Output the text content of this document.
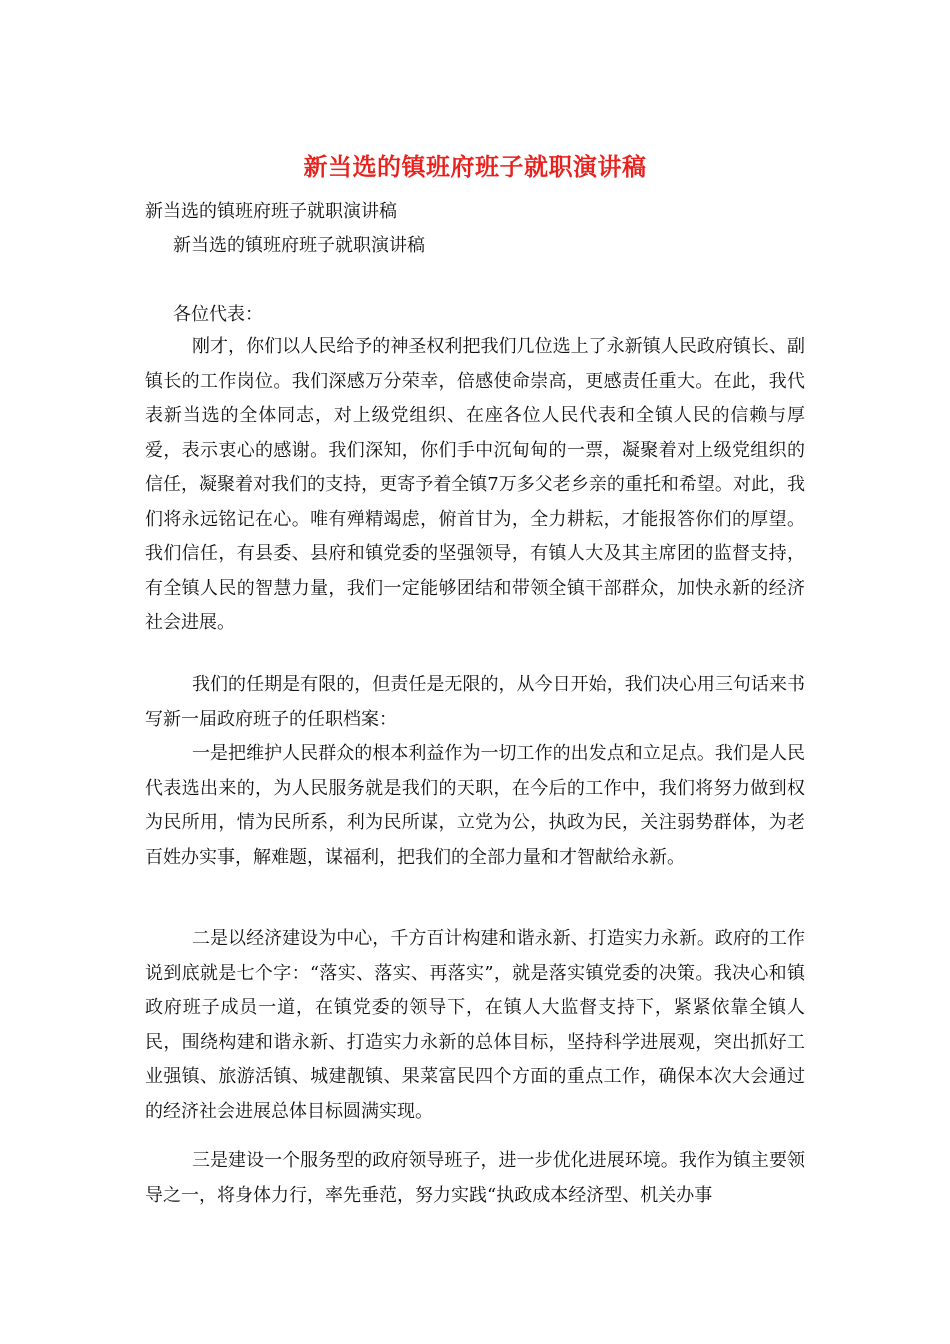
新当选的镇班府班子就职演讲稿
新当选的镇班府班子就职演讲稿
新当选的镇班府班子就职演讲稿
各位代表：
刚才，你们以人民给予的神圣权利把我们几位选上了永新镇人民政府镇长、副镇长的工作岗位。我们深感万分荣幸，倍感使命崇高，更感责任重大。在此，我代表新当选的全体同志，对上级党组织、在座各位人民代表和全镇人民的信赖与厚爱，表示衷心的感谢。我们深知，你们手中沉甸甸的一票，凝聚着对上级党组织的信任，凝聚着对我们的支持，更寄予着全镇7万多父老乡亲的重托和希望。对此，我们将永远铭记在心。唯有殚精竭虑，俯首甘为，全力耕耘，才能报答你们的厚望。我们信任，有县委、县府和镇党委的坚强领导，有镇人大及其主席团的监督支持，有全镇人民的智慧力量，我们一定能够团结和带领全镇干部群众，加快永新的经济社会进展。
我们的任期是有限的，但责任是无限的，从今日开始，我们决心用三句话来书写新一届政府班子的任职档案：
一是把维护人民群众的根本利益作为一切工作的出发点和立足点。我们是人民代表选出来的，为人民服务就是我们的天职，在今后的工作中，我们将努力做到权为民所用，情为民所系，利为民所谋，立党为公，执政为民，关注弱势群体，为老百姓办实事，解难题，谋福利，把我们的全部力量和才智献给永新。
二是以经济建设为中心，千方百计构建和谐永新、打造实力永新。政府的工作说到底就是七个字：“落实、落实、再落实”，就是落实镇党委的决策。我决心和镇政府班子成员一道，在镇党委的领导下，在镇人大监督支持下，紧紧依靠全镇人民，围绕构建和谐永新、打造实力永新的总体目标，坚持科学进展观，突出抓好工业强镇、旅游活镇、城建靓镇、果菜富民四个方面的重点工作，确保本次大会通过的经济社会进展总体目标圆满实现。
三是建设一个服务型的政府领导班子，进一步优化进展环境。我作为镇主要领导之一，将身体力行，率先垂范，努力实践“执政成本经济型、机关办事
